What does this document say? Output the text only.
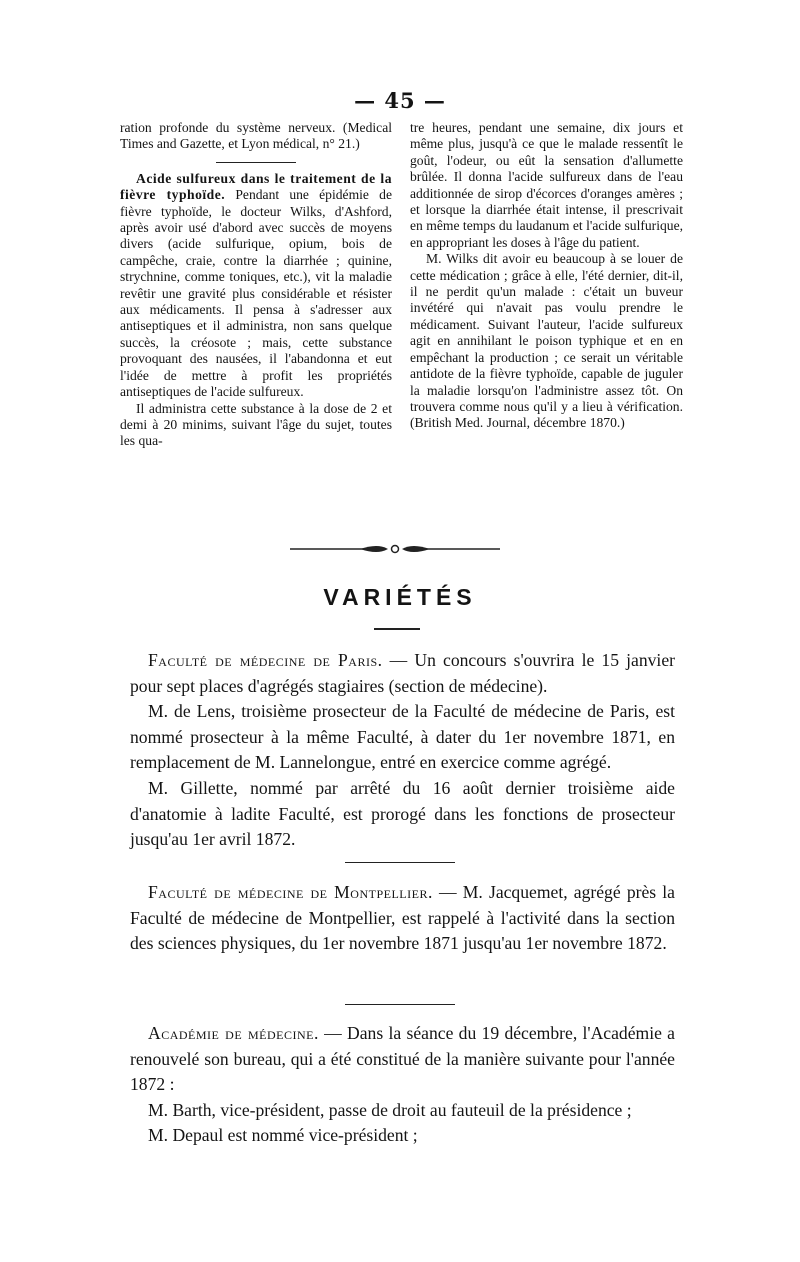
— 45 —

ration profonde du système nerveux. (Medical Times and Gazette, et Lyon médical, n° 21.)

Acide sulfureux dans le traitement de la fièvre typhoïde. Pendant une épidémie de fièvre typhoïde, le docteur Wilks, d'Ashford, après avoir usé d'abord avec succès de moyens divers (acide sulfurique, opium, bois de campêche, craie, contre la diarrhée ; quinine, strychnine, comme toniques, etc.), vit la maladie revêtir une gravité plus considérable et résister aux médicaments. Il pensa à s'adresser aux antiseptiques et il administra, non sans quelque succès, la créosote ; mais, cette substance provoquant des nausées, il l'abandonna et eut l'idée de mettre à profit les propriétés antiseptiques de l'acide sulfureux.

Il administra cette substance à la dose de 2 et demi à 20 minims, suivant l'âge du sujet, toutes les qua-

tre heures, pendant une semaine, dix jours et même plus, jusqu'à ce que le malade ressentît le goût, l'odeur, ou eût la sensation d'allumette brûlée. Il donna l'acide sulfureux dans de l'eau additionnée de sirop d'écorces d'oranges amères ; et lorsque la diarrhée était intense, il prescrivait en même temps du laudanum et l'acide sulfurique, en appropriant les doses à l'âge du patient.

M. Wilks dit avoir eu beaucoup à se louer de cette médication ; grâce à elle, l'été dernier, dit-il, il ne perdit qu'un malade : c'était un buveur invétéré qui n'avait pas voulu prendre le médicament. Suivant l'auteur, l'acide sulfureux agit en annihilant le poison typhique et en en empêchant la production ; ce serait un véritable antidote de la fièvre typhoïde, capable de juguler la maladie lorsqu'on l'administre assez tôt. On trouvera comme nous qu'il y a lieu à vérification. (British Med. Journal, décembre 1870.)

VARIÉTÉS

Faculté de médecine de Paris. — Un concours s'ouvrira le 15 janvier pour sept places d'agrégés stagiaires (section de médecine).

M. de Lens, troisième prosecteur de la Faculté de médecine de Paris, est nommé prosecteur à la même Faculté, à dater du 1er novembre 1871, en remplacement de M. Lannelongue, entré en exercice comme agrégé.

M. Gillette, nommé par arrêté du 16 août dernier troisième aide d'anatomie à ladite Faculté, est prorogé dans les fonctions de prosecteur jusqu'au 1er avril 1872.

Faculté de médecine de Montpellier. — M. Jacquemet, agrégé près la Faculté de médecine de Montpellier, est rappelé à l'activité dans la section des sciences physiques, du 1er novembre 1871 jusqu'au 1er novembre 1872.

Académie de médecine. — Dans la séance du 19 décembre, l'Académie a renouvelé son bureau, qui a été constitué de la manière suivante pour l'année 1872 :

M. Barth, vice-président, passe de droit au fauteuil de la présidence ;

M. Depaul est nommé vice-président ;
